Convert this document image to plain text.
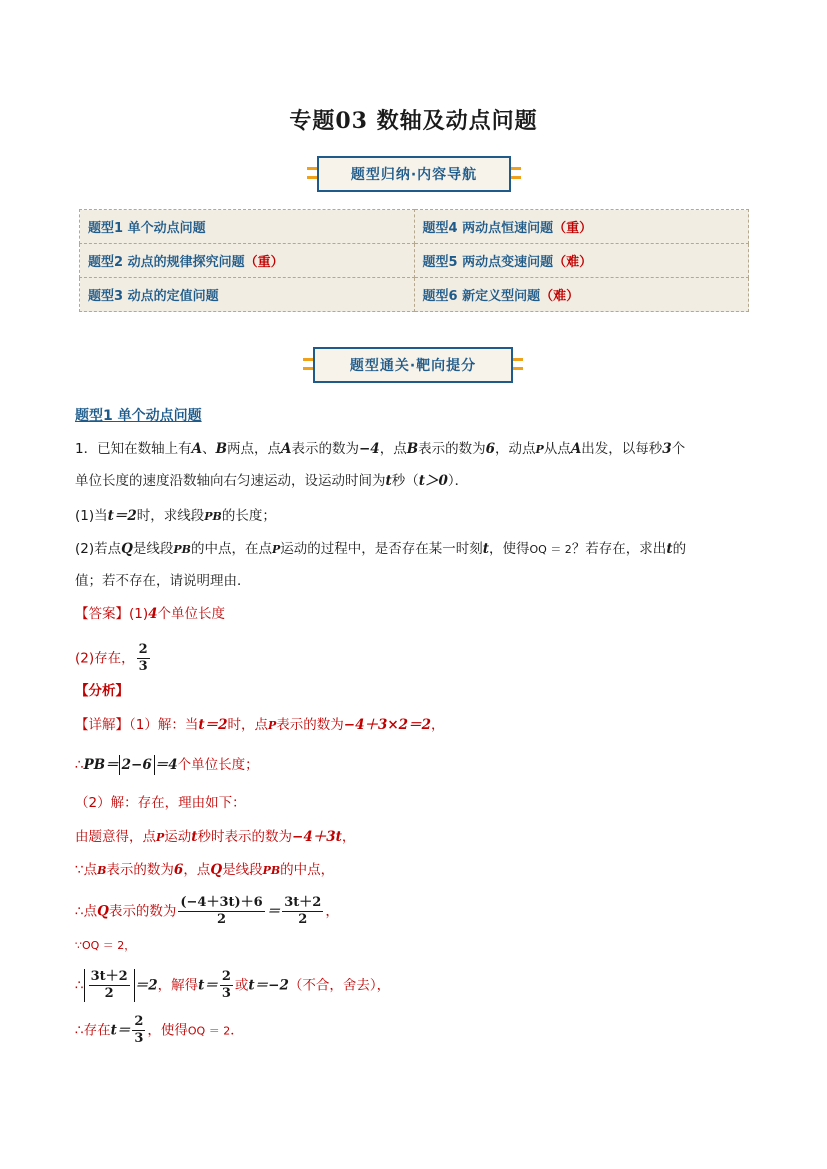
专题03 数轴及动点问题
题型归纳·内容导航
题型1 单个动点问题	题型4 两动点恒速问题（重）
题型2 动点的规律探究问题（重）	题型5 两动点变速问题（难）
题型3 动点的定值问题	题型6 新定义型问题（难）
题型通关·靶向提分
题型1 单个动点问题
1．已知在数轴上有A、B两点，点A表示的数为−4，点B表示的数为6，动点P从点A出发，以每秒3个
单位长度的速度沿数轴向右匀速运动，设运动时间为t秒（t＞0）．
(1)当t＝2时，求线段PB的长度；
(2)若点Q是线段PB的中点，在点P运动的过程中，是否存在某一时刻t，使得OQ ＝ 2？若存在，求出t的
值；若不存在，请说明理由．
【答案】(1)4个单位长度
(2)存在， $\frac{2}{3}$
【分析】
【详解】（1）解：当t＝2时，点P表示的数为−4＋3×2＝2，
∴PB＝ 2−6 ＝4个单位长度；
（2）解：存在，理由如下：
由题意得，点P运动t秒时表示的数为−4＋3t，
∵点B表示的数为6，点Q是线段PB的中点，
∴点Q表示的数为 $\frac{(-4+3t)+6}{2} = \frac{3t+2}{2}$ ，
∵OQ ＝ 2，
∴ $\frac{3t+2}{2} =2$，解得$t= \frac{2}{3}$ 或t＝−2（不合，舍去），
∴存在$t= \frac{2}{3}$ ，使得OQ ＝ 2．
